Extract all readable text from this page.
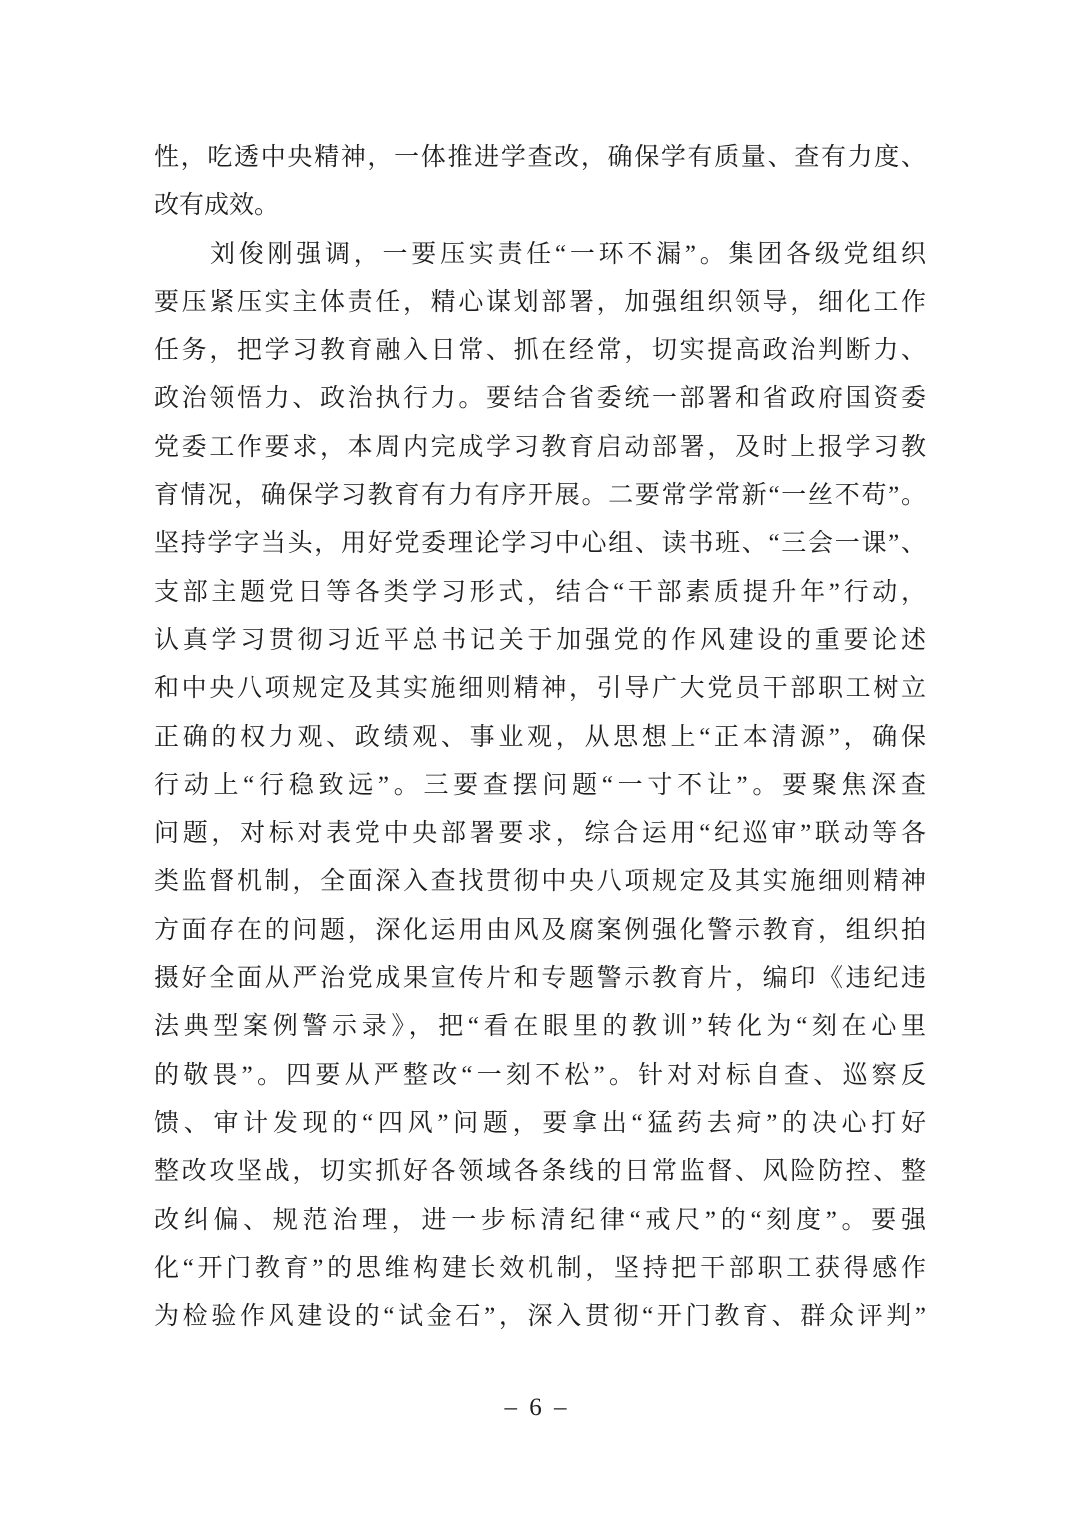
性，吃透中央精神，一体推进学查改，确保学有质量、查有力度、
改有成效。
刘俊刚强调，一要压实责任“一环不漏”。集团各级党组织
要压紧压实主体责任，精心谋划部署，加强组织领导，细化工作
任务，把学习教育融入日常、抓在经常，切实提高政治判断力、
政治领悟力、政治执行力。要结合省委统一部署和省政府国资委
党委工作要求，本周内完成学习教育启动部署，及时上报学习教
育情况，确保学习教育有力有序开展。二要常学常新“一丝不苟”。
坚持学字当头，用好党委理论学习中心组、读书班、“三会一课”、
支部主题党日等各类学习形式，结合“干部素质提升年”行动，
认真学习贯彻习近平总书记关于加强党的作风建设的重要论述
和中央八项规定及其实施细则精神，引导广大党员干部职工树立
正确的权力观、政绩观、事业观，从思想上“正本清源”，确保
行动上“行稳致远”。三要查摆问题“一寸不让”。要聚焦深查
问题，对标对表党中央部署要求，综合运用“纪巡审”联动等各
类监督机制，全面深入查找贯彻中央八项规定及其实施细则精神
方面存在的问题，深化运用由风及腐案例强化警示教育，组织拍
摄好全面从严治党成果宣传片和专题警示教育片，编印《违纪违
法典型案例警示录》，把“看在眼里的教训”转化为“刻在心里
的敬畏”。四要从严整改“一刻不松”。针对对标自查、巡察反
馈、审计发现的“四风”问题，要拿出“猛药去疴”的决心打好
整改攻坚战，切实抓好各领域各条线的日常监督、风险防控、整
改纠偏、规范治理，进一步标清纪律“戒尺”的“刻度”。要强
化“开门教育”的思维构建长效机制，坚持把干部职工获得感作
为检验作风建设的“试金石”，深入贯彻“开门教育、群众评判”
– 6 –
